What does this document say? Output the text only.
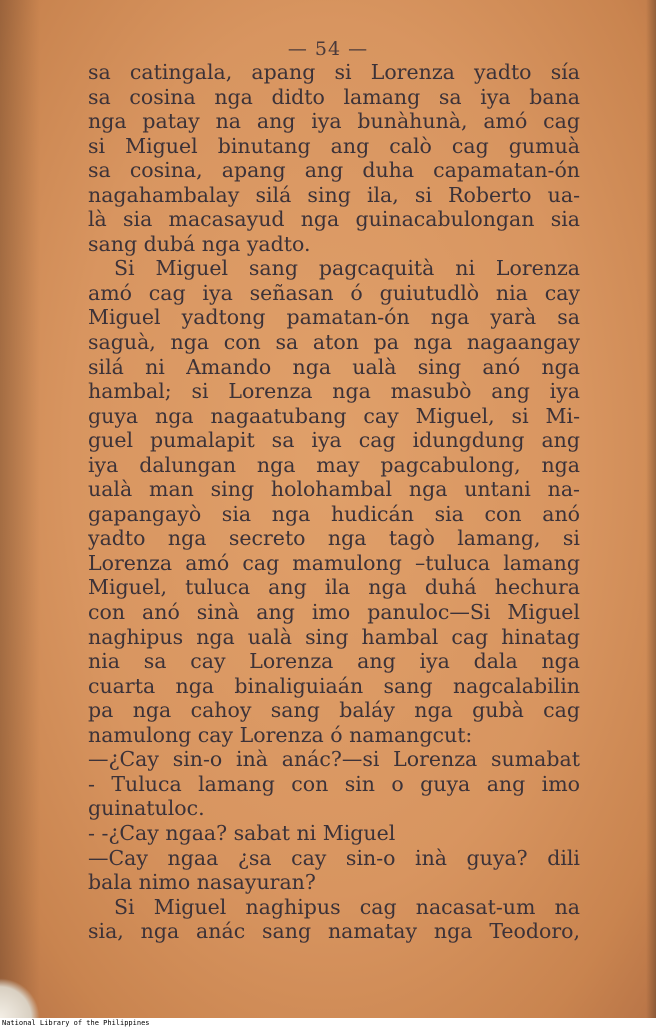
— 54 —
sa catingala, apang si Lorenza yadto sía
sa cosina nga didto lamang sa iya bana
nga patay na ang iya bunàhunà, amó cag
si Miguel binutang ang calò cag gumuà
sa cosina, apang ang duha capamatan-ón
nagahambalay silá sing ila, si Roberto ua-
là sia macasayud nga guinacabulongan sia
sang dubá nga yadto.
Si Miguel sang pagcaquità ni Lorenza
amó cag iya señasan ó guiutudlò nia cay
Miguel yadtong pamatan-ón nga yarà sa
saguà, nga con sa aton pa nga nagaangay
silá ni Amando nga ualà sing anó nga
hambal; si Lorenza nga masubò ang iya
guya nga nagaatubang cay Miguel, si Mi-
guel pumalapit sa iya cag idungdung ang
iya dalungan nga may pagcabulong, nga
ualà man sing holohambal nga untani na-
gapangayò sia nga hudicán sia con anó
yadto nga secreto nga tagò lamang, si
Lorenza amó cag mamulong –tuluca lamang
Miguel, tuluca ang ila nga duhá hechura
con anó sinà ang imo panuloc—Si Miguel
naghipus nga ualà sing hambal cag hinatag
nia sa cay Lorenza ang iya dala nga
cuarta nga binaliguiaán sang nagcalabilin
pa nga cahoy sang baláy nga gubà cag
namulong cay Lorenza ó namangcut:
—¿Cay sin-o inà anác?—si Lorenza sumabat
- Tuluca lamang con sin o guya ang imo
guinatuloc.
- -¿Cay ngaa? sabat ni Miguel
—Cay ngaa ¿sa cay sin-o inà guya? dili
bala nimo nasayuran?
Si Miguel naghipus cag nacasat-um na
sia, nga anác sang namatay nga Teodoro,
National Library of the Philippines
